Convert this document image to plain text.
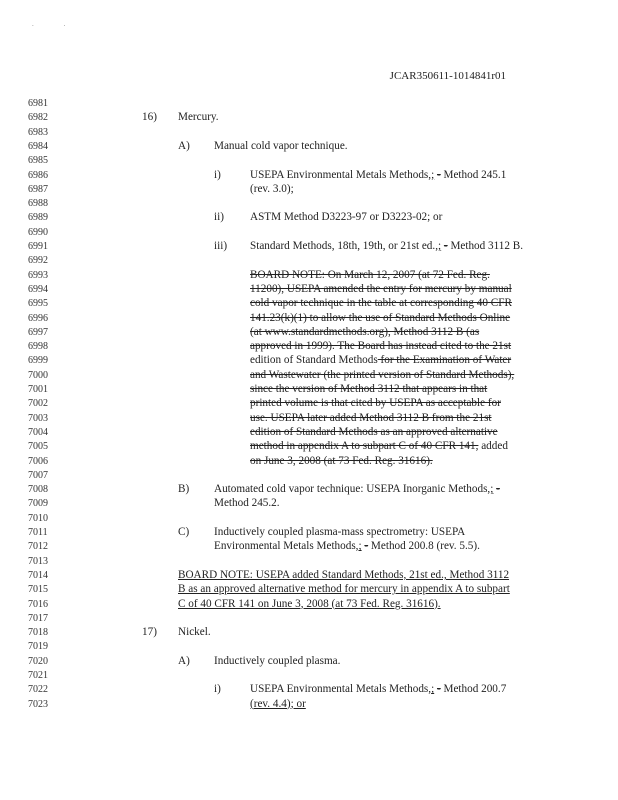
. .
JCAR350611-1014841r01
6981
6982
6983
6984
6985
6986
6987
6988
6989
6990
6991
6992
6993
6994
6995
6996
6997
6998
6999
7000
7001
7002
7003
7004
7005
7006
7007
7008
7009
7010
7011
7012
7013
7014
7015
7016
7017
7018
7019
7020
7021
7022
7023
16) Mercury.
A) Manual cold vapor technique.
i)	USEPA Environmental Metals Methods,; - Method 245.1
(rev. 3.0);
ii) ASTM Method D3223-97 or D3223-02; or
iii) Standard Methods, 18th, 19th, or 21st ed.,; - Method 3112 B.
BOARD NOTE: On March 12, 2007 (at 72 Fed. Reg.
11200), USEPA amended the entry for mercury by manual
cold vapor technique in the table at corresponding 40 CFR
141.23(k)(1) to allow the use of Standard Methods Online
(at www.standardmethods.org), Method 3112 B (as
approved in 1999). The Board has instead cited to the 21st
edition of Standard Methods for the Examination of Water
and Wastewater (the printed version of Standard Methods),
since the version of Method 3112 that appears in that
printed volume is that cited by USEPA as acceptable for
use. USEPA later added Method 3112 B from the 21st
edition of Standard Methods as an approved alternative
method in appendix A to subpart C of 40 CFR 141, added
on June 3, 2008 (at 73 Fed. Reg. 31616).
B) Automated cold vapor technique: USEPA Inorganic Methods,; -
Method 245.2.
C) Inductively coupled plasma-mass spectrometry: USEPA
Environmental Metals Methods,; - Method 200.8 (rev. 5.5).
BOARD NOTE: USEPA added Standard Methods, 21st ed., Method 3112
B as an approved alternative method for mercury in appendix A to subpart
C of 40 CFR 141 on June 3, 2008 (at 73 Fed. Reg. 31616).
17) Nickel.
A) Inductively coupled plasma.
i)	USEPA Environmental Metals Methods,; - Method 200.7
(rev. 4.4); or
